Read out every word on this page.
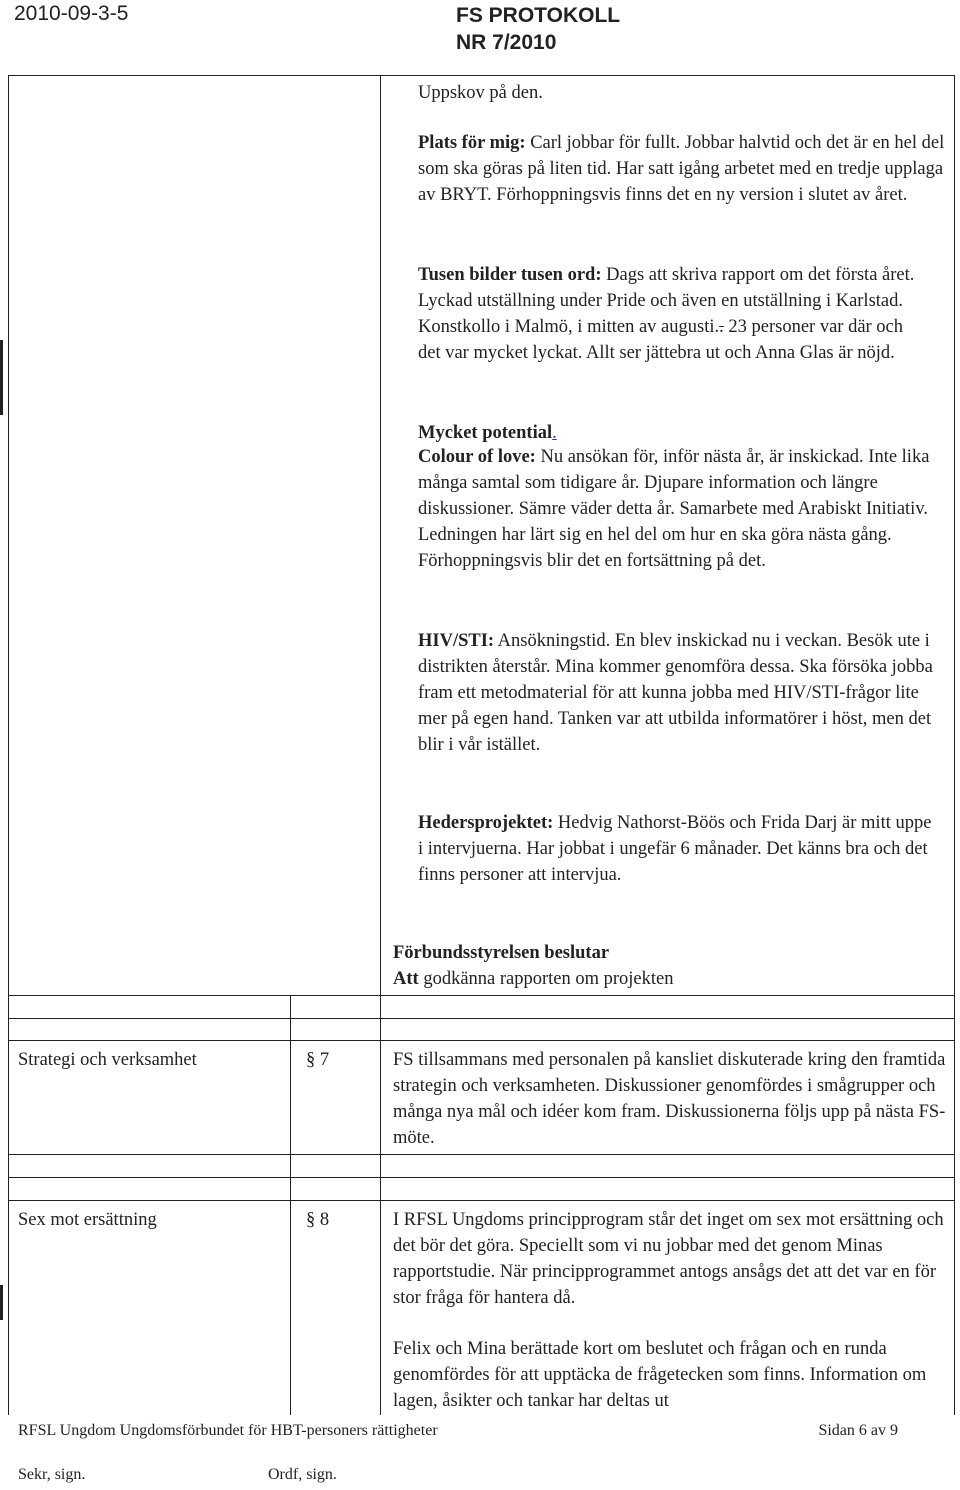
2010-09-3-5	FS PROTOKOLL
NR 7/2010

Uppskov på den.

Plats för mig: Carl jobbar för fullt. Jobbar halvtid och det är en hel del som ska göras på liten tid. Har satt igång arbetet med en tredje upplaga av BRYT. Förhoppningsvis finns det en ny version i slutet av året.

Tusen bilder tusen ord: Dags att skriva rapport om det första året. Lyckad utställning under Pride och även en utställning i Karlstad. Konstkollo i Malmö, i mitten av augusti.. 23 personer var där och det var mycket lyckat. Allt ser jättebra ut och Anna Glas är nöjd.

Mycket potential.

Colour of love: Nu ansökan för, inför nästa år, är inskickad. Inte lika många samtal som tidigare år. Djupare information och längre diskussioner. Sämre väder detta år. Samarbete med Arabiskt Initiativ. Ledningen har lärt sig en hel del om hur en ska göra nästa gång. Förhoppningsvis blir det en fortsättning på det.

HIV/STI: Ansökningstid. En blev inskickad nu i veckan. Besök ute i distrikten återstår. Mina kommer genomföra dessa. Ska försöka jobba fram ett metodmaterial för att kunna jobba med HIV/STI-frågor lite mer på egen hand. Tanken var att utbilda informatörer i höst, men det blir i vår istället.

Hedersprojektet: Hedvig Nathorst-Böös och Frida Darj är mitt uppe i intervjuerna. Har jobbat i ungefär 6 månader. Det känns bra och det finns personer att intervjua.

Förbundsstyrelsen beslutar
Att godkänna rapporten om projekten

Strategi och verksamhet	§ 7	FS tillsammans med personalen på kansliet diskuterade kring den framtida strategin och verksamheten. Diskussioner genomfördes i smågrupper och många nya mål och idéer kom fram. Diskussionerna följs upp på nästa FS-möte.
Sex mot ersättning	§ 8	I RFSL Ungdoms principprogram står det inget om sex mot ersättning och det bör det göra. Speciellt som vi nu jobbar med det genom Minas rapportstudie. När principprogrammet antogs ansågs det att det var en för stor fråga för hantera då.
Felix och Mina berättade kort om beslutet och frågan och en runda genomfördes för att upptäcka de frågetecken som finns. Information om lagen, åsikter och tankar har deltas ut
RFSL Ungdom Ungdomsförbundet för HBT-personers rättigheter	Sidan 6 av 9
Sekr, sign.	Ordf, sign.
